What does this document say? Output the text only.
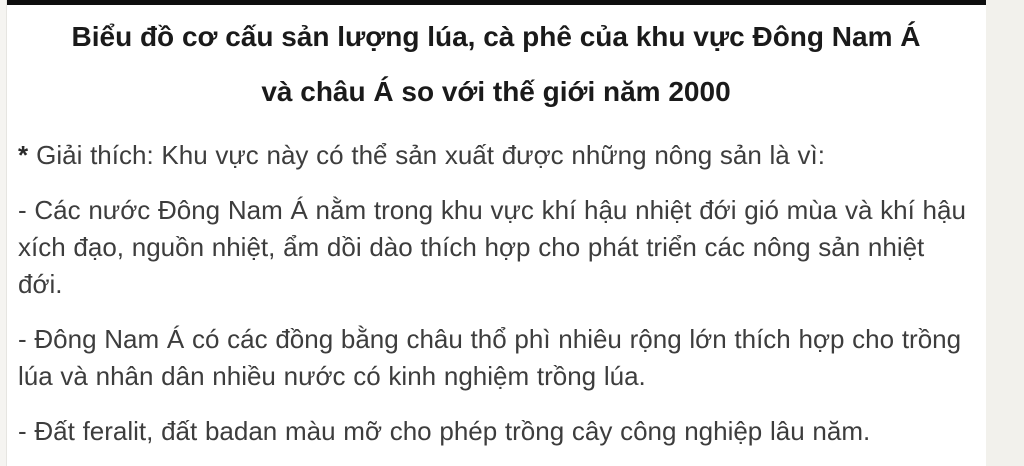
Biểu đồ cơ cấu sản lượng lúa, cà phê của khu vực Đông Nam Á
và châu Á so với thế giới năm 2000

* Giải thích: Khu vực này có thể sản xuất được những nông sản là vì:

- Các nước Đông Nam Á nằm trong khu vực khí hậu nhiệt đới gió mùa và khí hậu xích đạo, nguồn nhiệt, ẩm dồi dào thích hợp cho phát triển các nông sản nhiệt đới.

- Đông Nam Á có các đồng bằng châu thổ phì nhiêu rộng lớn thích hợp cho trồng lúa và nhân dân nhiều nước có kinh nghiệm trồng lúa.

- Đất feralit, đất badan màu mỡ cho phép trồng cây công nghiệp lâu năm.
